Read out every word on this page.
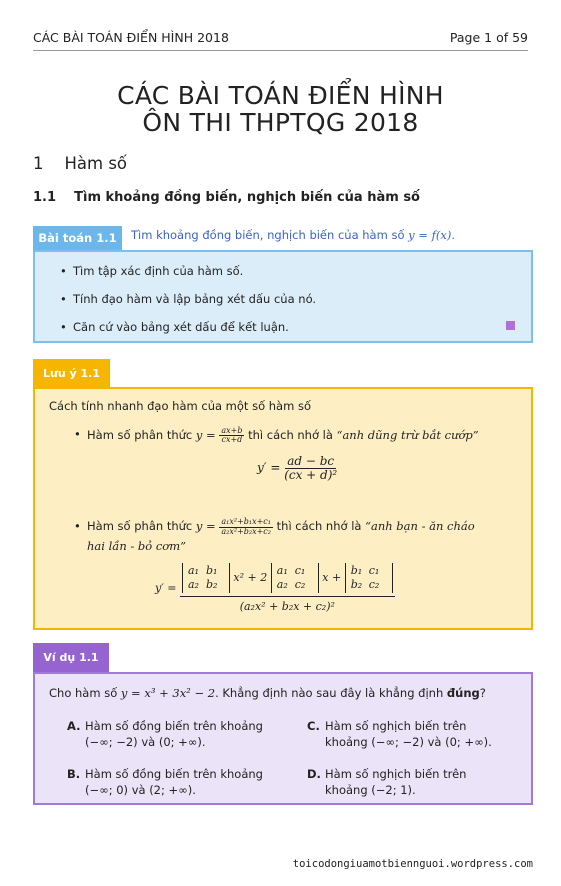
CÁC BÀI TOÁN ĐIỂN HÌNH 2018	Page 1 of 59
CÁC BÀI TOÁN ĐIỂN HÌNH
ÔN THI THPTQG 2018
1 Hàm số
1.1 Tìm khoảng đồng biến, nghịch biến của hàm số
Bài toán 1.1	Tìm khoảng đồng biến, nghịch biến của hàm số y = f(x).
• Tìm tập xác định của hàm số.
• Tính đạo hàm và lập bảng xét dấu của nó.
• Căn cứ vào bảng xét dấu để kết luận.
Lưu ý 1.1
Cách tính nhanh đạo hàm của một số hàm số
• Hàm số phân thức $y = \frac{ax+b}{cx+d}$ thì cách nhớ là “anh dũng trừ bắt cướp”
$y' = \frac{ad - bc}{\text{(cx + d)²}}$
• Hàm số phân thức $y = \frac{\text{a₁x²+b₁x+c₁}}{\text{a₂x²+b₂x+c₂}}$ thì cách nhớ là “anh bạn - ăn cháo
hai lần - bỏ cơm”
y′ =
a₁ b₁
a₂ b₂ x² + 2 a₁ c₁
a₂ c₂ x + b₁ c₁
b₂ c₂
(a₂x² + b₂x + c₂)²
Ví dụ 1.1
Cho hàm số y = x³ + 3x² − 2. Khẳng định nào sau đây là khẳng định đúng?
A. Hàm số đồng biến trên khoảng
(−∞; −2) và (0; +∞).
B. Hàm số đồng biến trên khoảng
(−∞; 0) và (2; +∞).
C. Hàm số nghịch biến trên
khoảng (−∞; −2) và (0; +∞).
D. Hàm số nghịch biến trên
khoảng (−2; 1).
toicodongiuamotbiennguoi.wordpress.com
